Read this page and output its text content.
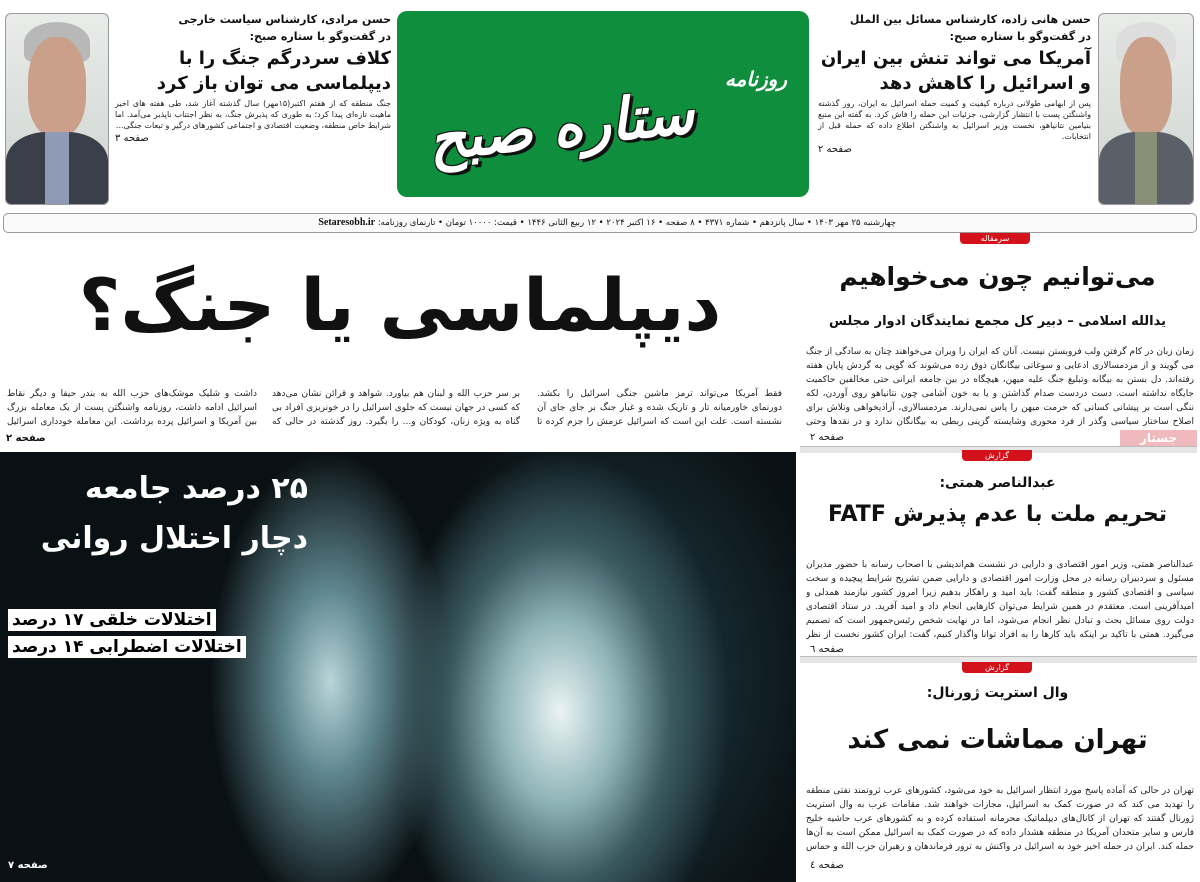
حسن مرادی، کارشناس سیاست خارجی
در گفت‌وگو با ستاره صبح:
کلاف سردرگم جنگ را با دیپلماسی می توان باز کرد
جنگ منطقه که از هفتم اکتبر(۱۵مهر) سال گذشته آغاز شد، طی هفته های اخیر ماهیت تازه‌ای پیدا کرد؛ به طوری که پذیرش جنگ، به نظر اجتناب ناپذیر می‌آمد. اما شرایط خاص منطقه، وضعیت اقتصادی و اجتماعی کشورهای درگیر و تبعات جنگی...
صفحه ۳
روزنامه
ستاره صبح
حسن هانی زاده، کارشناس مسائل بین الملل
در گفت‌وگو با ستاره صبح:
آمریکا می تواند تنش بین ایران و اسرائیل را کاهش دهد
پس از ابهامی طولانی درباره کیفیت و کمیت حمله اسرائیل به ایران، روز گذشته واشنگتن پست با انتشار گزارشی، جزئیات این حمله را فاش کرد. به گفته این منبع بنیامین نتانیاهو، نخست وزیر اسرائیل به واشنگتن اطلاع داده که حمله قبل از انتخابات.
صفحه ۲
چهارشنبه ۲۵ مهر ۱۴۰۳ • سال پانزدهم • شماره ۴۳۷۱ • ۸ صفحه • ۱۶ اکتبر ۲۰۲۴ • ۱۲ ربیع الثانی ۱۴۴۶ • قیمت: ۱۰۰۰۰ تومان • تارنمای روزنامه: Setaresobh.ir
دیپلماسی یا جنگ؟
فقط آمریکا می‌تواند ترمز ماشین جنگی اسرائیل را بکشد. دورنمای خاورمیانه تار و تاریک شده و غبار جنگ بر جای جای آن نشسته است. علت این است که اسرائیل عزمش را جزم کرده تا
بر سر حزب الله و لبنان هم بیاورد. شواهد و قرائن نشان می‌دهد که کسی در جهان نیست که جلوی اسرائیل را در خونریزی افراد بی گناه به ویژه زنان، کودکان و... را بگیرد. روز گذشته در حالی که
داشت و شلیک موشک‌های حزب الله به بندر حیفا و دیگر نقاط اسرائیل ادامه داشت، روزنامه واشنگتن پست از یک معامله بزرگ بین آمریکا و اسرائیل پرده برداشت. این معامله خودداری اسرائیل
صفحه ۲
۲۵ درصد جامعه
دچار اختلال روانی
اختلالات خلقی ۱۷ درصد
اختلالات اضطرابی ۱۴ درصد
صفحه ۷
سرمقاله
می‌توانیم چون می‌خواهیم
یدالله اسلامی – دبیر کل مجمع نمایندگان ادوار مجلس
زمان زبان در کام گرفتن ولب فروبستن نیست. آنان که ایران را ویران می‌خواهند چنان به سادگی از جنگ می گویند و از مردمسالاری ادعایی و سوغاتی بیگانگان ذوق زده می‌شوند که گویی به گردش پایان هفته رفته‌اند. دل بستن به بیگانه وتبلیغ جنگ علیه میهن، هیچگاه در بین جامعه ایرانی حتی مخالفین حاکمیت جایگاه نداشته است. دست دردست صدام گذاشتن و یا به خون آشامی چون نتانیاهو روی آوردن، لکه ننگی است بر پیشانی کسانی که حرمت میهن را پاس نمی‌دارند. مردمسالاری، آزادیخواهی وتلاش برای اصلاح ساختار سیاسی وگذر از فرد محوری وشایسته گزینی ربطی به بیگانگان ندارد و در نقدها وحتی
صفحه ۲	جستار
گزارش
عبدالناصر همتی:
تحریم ملت با عدم پذیرش FATF
عبدالناصر همتی، وزیر امور اقتصادی و دارایی در نشست هم‌اندیشی با اصحاب رسانه با حضور مدیران مسئول و سردبیران رسانه در محل وزارت امور اقتصادی و دارایی ضمن تشریح شرایط پیچیده و سخت سیاسی و اقتصادی کشور و منطقه گفت: باید امید و راهکار بدهیم زیرا امروز کشور نیازمند همدلی و امیدآفرینی است. معتقدم در همین شرایط می‌توان کارهایی انجام داد و امید آفرید. در ستاد اقتصادی دولت روی مسائل بحث و تبادل نظر انجام می‌شود، اما در نهایت شخص رئیس‌جمهور است که تصمیم می‌گیرد. همتی با تاکید بر اینکه باید کارها را به افراد توانا واگذار کنیم، گفت: ایران کشور نخست از نظر
صفحه ٦
گزارش
وال استریت ژورنال:
تهران مماشات نمی کند
تهران در حالی که آماده پاسخ مورد انتظار اسرائیل به خود می‌شود، کشورهای عرب ثروتمند نفتی منطقه را تهدید می کند که در صورت کمک به اسرائیل، مجازات خواهند شد. مقامات عرب به وال استریت ژورنال گفتند که تهران از کانال‌های دیپلماتیک محرمانه استفاده کرده و به کشورهای عرب حاشیه خلیج فارس و سایر متحدان آمریکا در منطقه هشدار داده که در صورت کمک به اسرائیل ممکن است به آن‌ها حمله کند. ایران در حمله اخیر خود به اسرائیل در واکنش به ترور فرماندهان و رهبران حزب الله و حماس
صفحه ٤
